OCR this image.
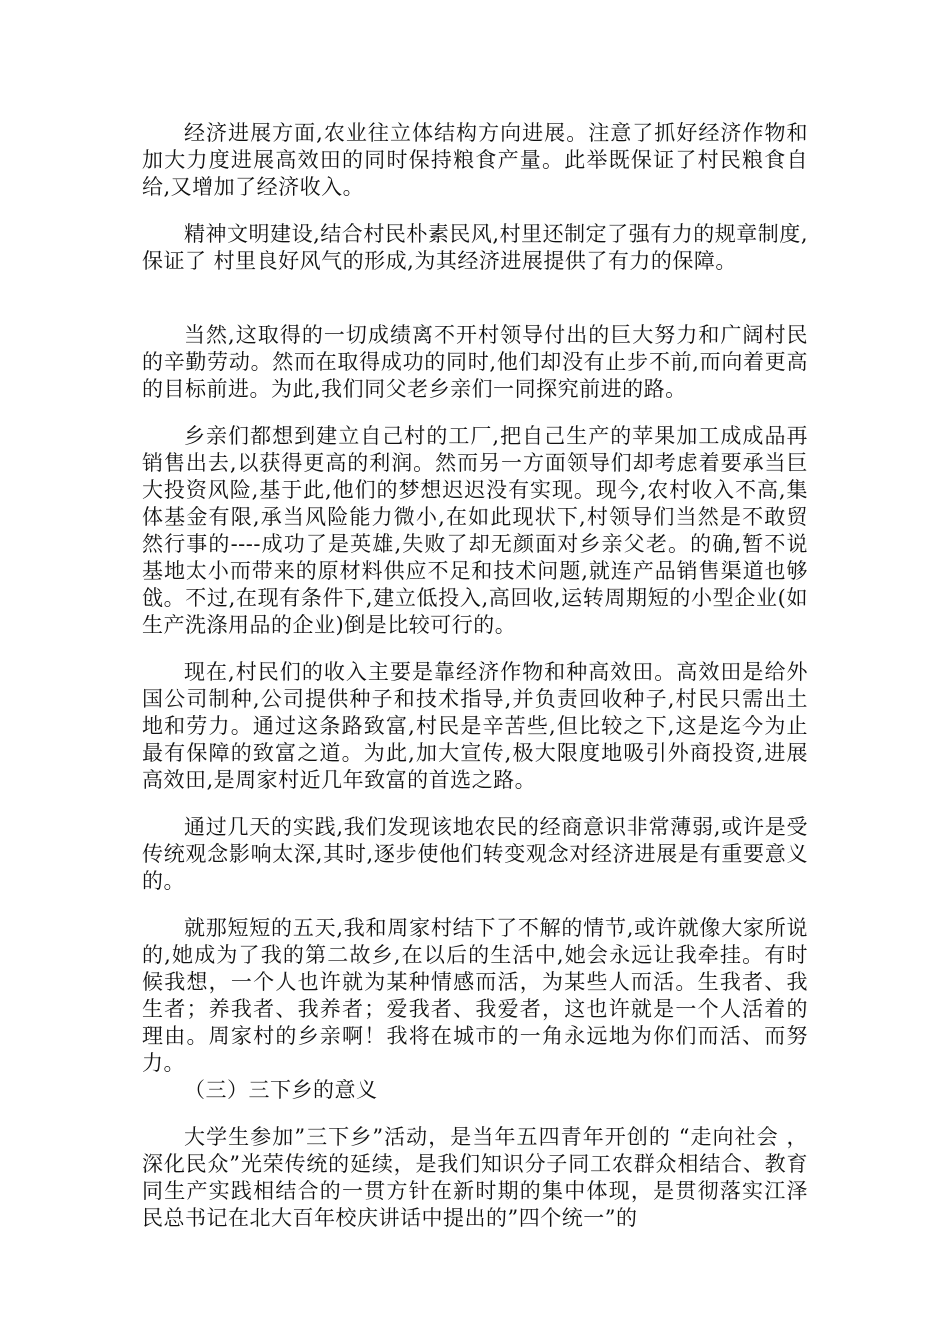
经济进展方面,农业往立体结构方向进展。注意了抓好经济作物和加大力度进展高效田的同时保持粮食产量。此举既保证了村民粮食自给,又增加了经济收入。

精神文明建设,结合村民朴素民风,村里还制定了强有力的规章制度,保证了 村里良好风气的形成,为其经济进展提供了有力的保障。

当然,这取得的一切成绩离不开村领导付出的巨大努力和广阔村民的辛勤劳动。然而在取得成功的同时,他们却没有止步不前,而向着更高的目标前进。为此,我们同父老乡亲们一同探究前进的路。

乡亲们都想到建立自己村的工厂,把自己生产的苹果加工成成品再销售出去,以获得更高的利润。然而另一方面领导们却考虑着要承当巨大投资风险,基于此,他们的梦想迟迟没有实现。现今,农村收入不高,集体基金有限,承当风险能力微小,在如此现状下,村领导们当然是不敢贸然行事的----成功了是英雄,失败了却无颜面对乡亲父老。的确,暂不说基地太小而带来的原材料供应不足和技术问题,就连产品销售渠道也够戗。不过,在现有条件下,建立低投入,高回收,运转周期短的小型企业(如生产洗涤用品的企业)倒是比较可行的。

现在,村民们的收入主要是靠经济作物和种高效田。高效田是给外国公司制种,公司提供种子和技术指导,并负责回收种子,村民只需出土地和劳力。通过这条路致富,村民是辛苦些,但比较之下,这是迄今为止最有保障的致富之道。为此,加大宣传,极大限度地吸引外商投资,进展高效田,是周家村近几年致富的首选之路。

通过几天的实践,我们发现该地农民的经商意识非常薄弱,或许是受传统观念影响太深,其时,逐步使他们转变观念对经济进展是有重要意义的。

就那短短的五天,我和周家村结下了不解的情节,或许就像大家所说的,她成为了我的第二故乡,在以后的生活中,她会永远让我牵挂。有时候我想，一个人也许就为某种情感而活，为某些人而活。生我者、我生者；养我者、我养者；爱我者、我爱者，这也许就是一个人活着的理由。周家村的乡亲啊！我将在城市的一角永远地为你们而活、而努力。

（三）三下乡的意义

大学生参加”三下乡”活动，是当年五四青年开创的 “走向社会 ，深化民众”光荣传统的延续，是我们知识分子同工农群众相结合、教育同生产实践相结合的一贯方针在新时期的集中体现，是贯彻落实江泽民总书记在北大百年校庆讲话中提出的”四个统一”的
